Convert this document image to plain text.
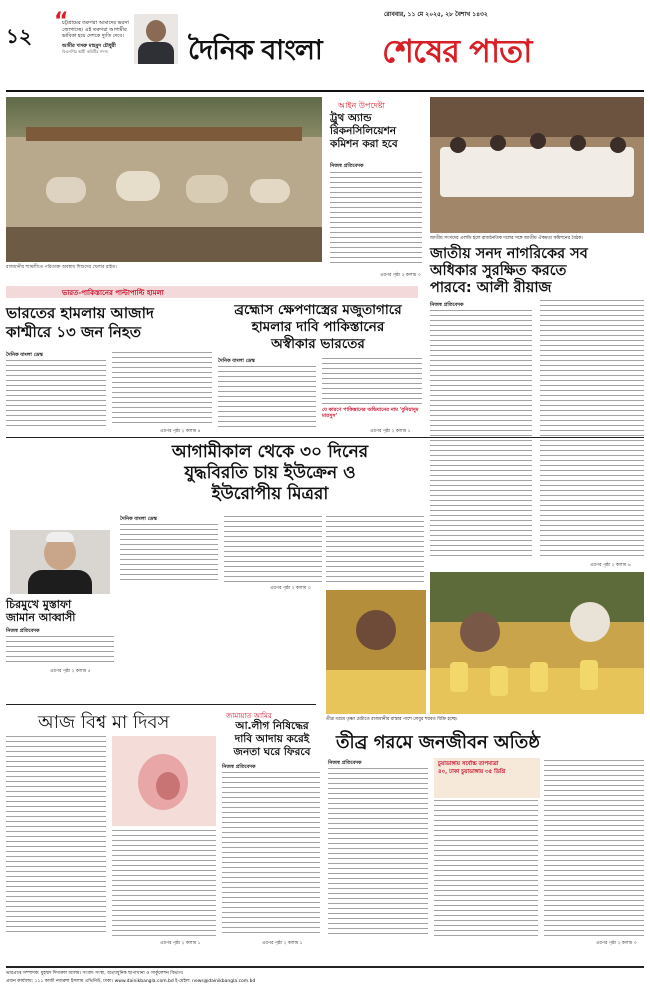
১২
“
চট্টগ্রামের তরুণরা আমাদের ভরসা জোগাচ্ছে। এই তরুণরা আগামীর ভাবিকা হয়ে দেশকে দ্যুতি দেবে।
আমীর খসরু মাহমুদ চৌধুরী
বিএনপির স্থায়ী কমিটির সদস্য
রোববার, ১১ মে ২০২৫, ২৮ বৈশাখ ১৪৩২
দৈনিক বাংলা শেষের পাতা
রাজধানীর শ্যামলীতে পরিত্যক্ত অবস্থায় শিশুদের খেলার রাইড।
আইন উপদেষ্টা
ট্রুথ অ্যান্ড
রিকনসিলিয়েশন
কমিশন করা হবে
নিজস্ব প্রতিবেদক
এরপর পৃষ্ঠা ২ কলাম ৩
জাতীয় সংসদের এলডি হলে রাজনৈতিক দলের সঙ্গে জাতীয় ঐকমত্য কমিশনের বৈঠক।
জাতীয় সনদ নাগরিকের সব
অধিকার সুরক্ষিত করতে
পারবে: আলী রীয়াজ
ভারত-পাকিস্তানের পাল্টাপাল্টি হামলা
নিজস্ব প্রতিবেদক
এরপর পৃষ্ঠা ২ কলাম ৬
ভারতের হামলায় আজাদ
কাশ্মীরে ১৩ জন নিহত
দৈনিক বাংলা ডেস্ক
এরপর পৃষ্ঠা ২ কলাম ৪
ব্রহ্মোস ক্ষেপণাস্ত্রের মজুতাগারে
হামলার দাবি পাকিস্তানের
অস্বীকার ভারতের
দৈনিক বাংলা ডেস্ক
যে কারণে পাকিস্তানের অভিযানের নাম 'বুনিয়ানুম মারসুস'
এরপর পৃষ্ঠা ২ কলাম ১
আগামীকাল থেকে ৩০ দিনের
যুদ্ধবিরতি চায় ইউক্রেন ও
ইউরোপীয় মিত্ররা
দৈনিক বাংলা ডেস্ক
এরপর পৃষ্ঠা ২ কলাম ৩
চিরমুখে মুস্তাফা
জামান আব্বাসী
নিজস্ব প্রতিবেদক
এরপর পৃষ্ঠা ২ কলাম ৫
তীব্র গরমে তৃষ্ণা মেটাতে রাজধানীর রাস্তার পাশে লেবুর শরবত বিক্রি হচ্ছে।
আজ বিশ্ব মা দিবস
এরপর পৃষ্ঠা ২ কলাম ১
জামায়াত আমির
আ.লীগ নিষিদ্ধের
দাবি আদায় করেই
জনতা ঘরে ফিরবে
নিজস্ব প্রতিবেদক
এরপর পৃষ্ঠা ২ কলাম ১
তীব্র গরমে জনজীবন অতিষ্ঠ
নিজস্ব প্রতিবেদক	চুয়াডাঙ্গায় সর্বোচ্চ তাপমাত্রা
৪০, ঢাকা চুয়াডাঙ্গায় ৩৫ ডিগ্রি
এরপর পৃষ্ঠা ২ কলাম ৩
ভারপ্রাপ্ত সম্পাদক: মুহম্মদ দিদারুল আলম। সংবাদ সংস্থা, অত্যাধুনিক ছাপাখানা ও সার্কুলেশন বিভাগ।
প্রধান কার্যালয়: ১১১ কাজী নজরুল ইসলাম এভিনিউ, ঢাকা। www.dainikbangla.com.bd ই-মেইল: news@dainikbangla.com.bd
